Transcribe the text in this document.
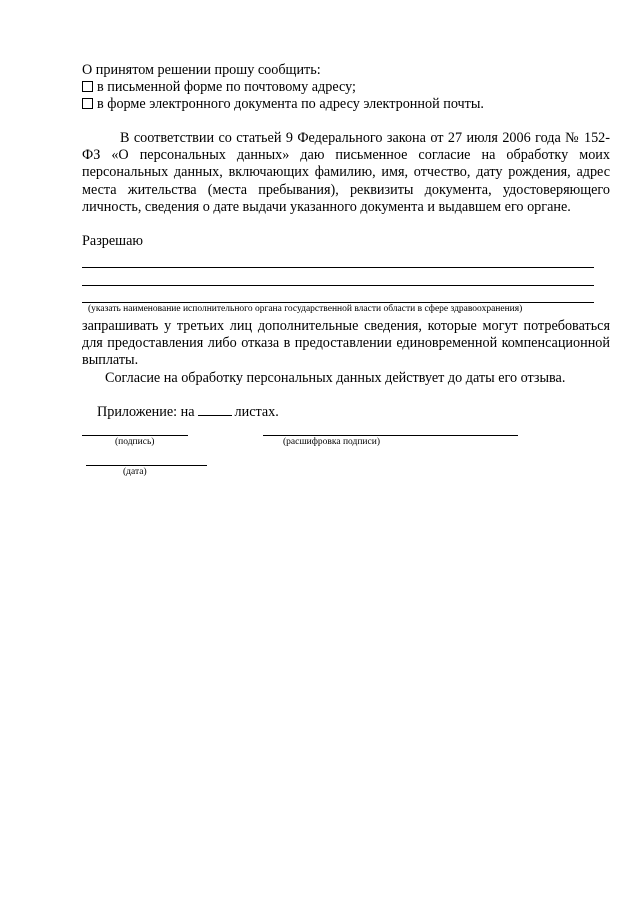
О принятом решении прошу сообщить:
в письменной форме по почтовому адресу;
в форме электронного документа по адресу электронной почты.
В соответствии со статьей 9 Федерального закона от 27 июля 2006 года № 152-ФЗ «О персональных данных» даю письменное согласие на обработку моих персональных данных, включающих фамилию, имя, отчество, дату рождения, адрес места жительства (места пребывания), реквизиты документа, удостоверяющего личность, сведения о дате выдачи указанного документа и выдавшем его органе.
Разрешаю
(указать наименование исполнительного органа государственной власти области в сфере здравоохранения)
запрашивать у третьих лиц дополнительные сведения, которые могут потребоваться для предоставления либо отказа в предоставлении единовременной компенсационной выплаты.
Согласие на обработку персональных данных действует до даты его отзыва.
Приложение: на	листах.
(подпись)	(расшифровка подписи)
(дата)
